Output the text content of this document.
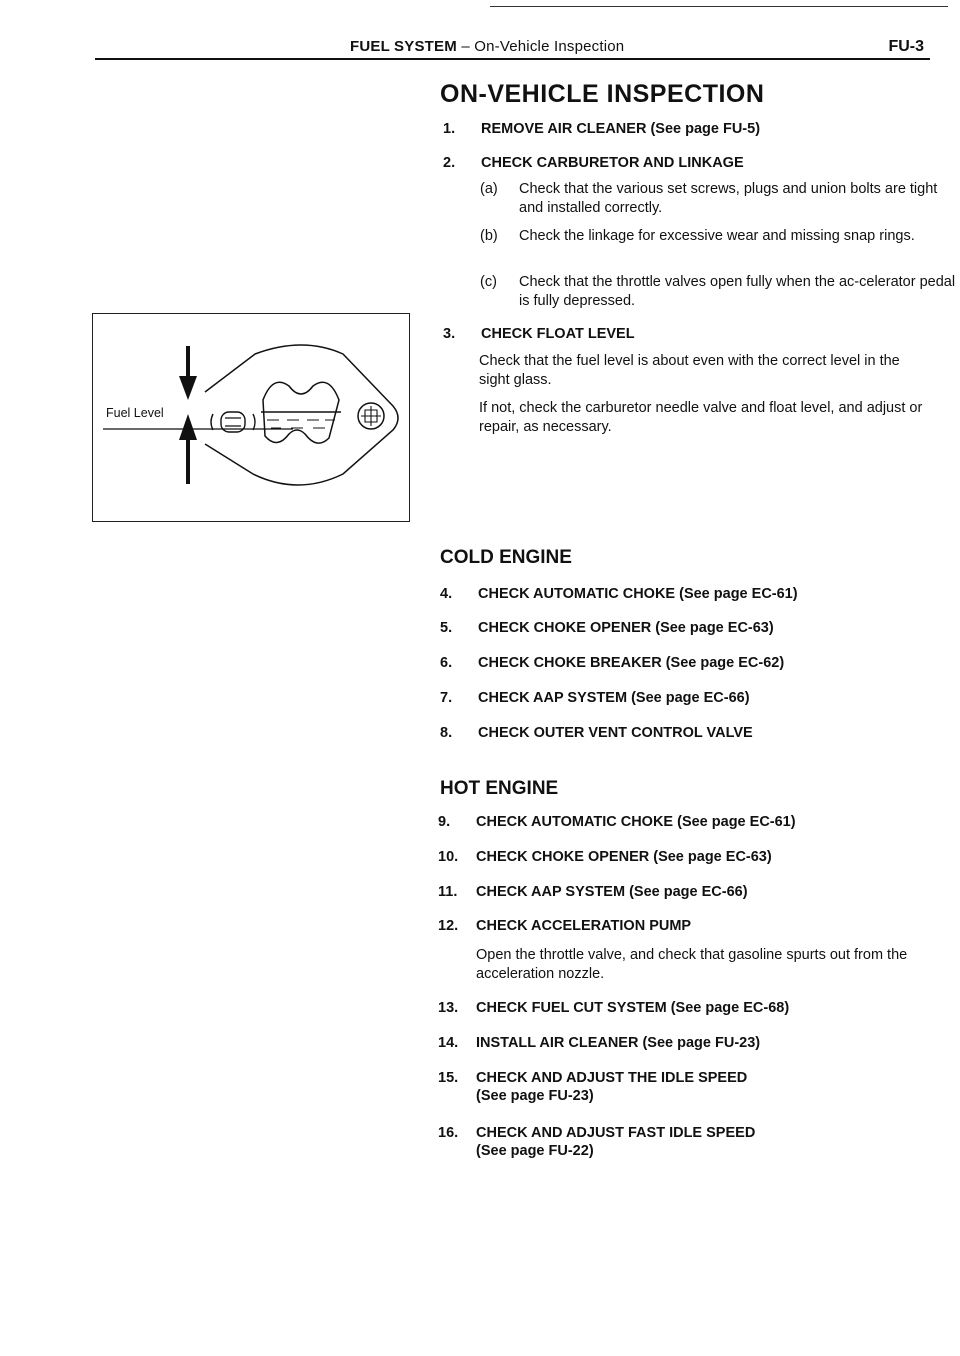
FUEL SYSTEM – On-Vehicle Inspection	FU-3
Fuel Level
ON-VEHICLE INSPECTION
1. REMOVE AIR CLEANER (See page FU-5)
2. CHECK CARBURETOR AND LINKAGE
(a) Check that the various set screws, plugs and union bolts are tight and installed correctly.
(b) Check the linkage for excessive wear and missing snap rings.
(c) Check that the throttle valves open fully when the ac-celerator pedal is fully depressed.
3. CHECK FLOAT LEVEL
Check that the fuel level is about even with the correct level in the sight glass.
If not, check the carburetor needle valve and float level, and adjust or repair, as necessary.
COLD ENGINE
4. CHECK AUTOMATIC CHOKE (See page EC-61)
5. CHECK CHOKE OPENER (See page EC-63)
6. CHECK CHOKE BREAKER (See page EC-62)
7. CHECK AAP SYSTEM (See page EC-66)
8. CHECK OUTER VENT CONTROL VALVE
HOT ENGINE
9. CHECK AUTOMATIC CHOKE (See page EC-61)
10. CHECK CHOKE OPENER (See page EC-63)
11. CHECK AAP SYSTEM (See page EC-66)
12. CHECK ACCELERATION PUMP
Open the throttle valve, and check that gasoline spurts out from the acceleration nozzle.
13. CHECK FUEL CUT SYSTEM (See page EC-68)
14. INSTALL AIR CLEANER (See page FU-23)
15. CHECK AND ADJUST THE IDLE SPEED
(See page FU-23)
16. CHECK AND ADJUST FAST IDLE SPEED
(See page FU-22)
